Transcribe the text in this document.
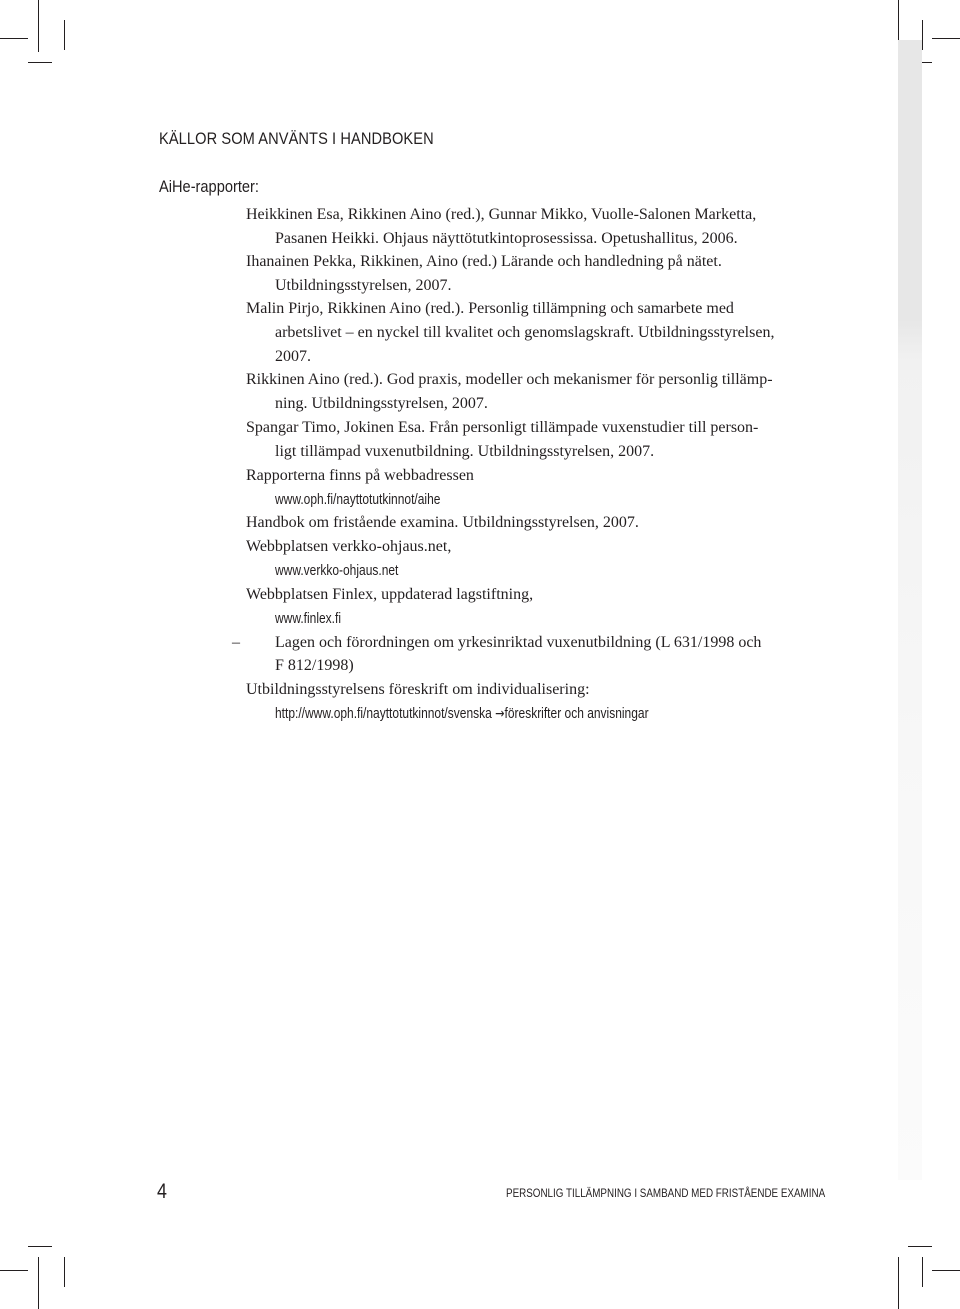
KÄLLOR SOM ANVÄNTS I HANDBOKEN
AiHe-rapporter:
Heikkinen Esa, Rikkinen Aino (red.), Gunnar Mikko, Vuolle-Salonen Marketta,
Pasanen Heikki. Ohjaus näyttötutkintoprosessissa. Opetushallitus, 2006.
Ihanainen Pekka, Rikkinen, Aino (red.) Lärande och handledning på nätet.
Utbildningsstyrelsen, 2007.
Malin Pirjo, Rikkinen Aino (red.). Personlig tillämpning och samarbete med
arbetslivet – en nyckel till kvalitet och genomslagskraft. Utbildningsstyrelsen,
2007.
Rikkinen Aino (red.). God praxis, modeller och mekanismer för personlig tillämp-
ning. Utbildningsstyrelsen, 2007.
Spangar Timo, Jokinen Esa. Från personligt tillämpade vuxenstudier till person-
ligt tillämpad vuxenutbildning. Utbildningsstyrelsen, 2007.
Rapporterna finns på webbadressen
www.oph.fi/nayttotutkinnot/aihe
Handbok om fristående examina. Utbildningsstyrelsen, 2007.
Webbplatsen verkko-ohjaus.net,
www.verkko-ohjaus.net
Webbplatsen Finlex, uppdaterad lagstiftning,
www.finlex.fi
– Lagen och förordningen om yrkesinriktad vuxenutbildning (L 631/1998 och
F 812/1998)
Utbildningsstyrelsens föreskrift om individualisering:
http://www.oph.fi/nayttotutkinnot/svenska →föreskrifter och anvisningar
4	PERSONLIG TILLÄMPNING I SAMBAND MED FRISTÅENDE EXAMINA
